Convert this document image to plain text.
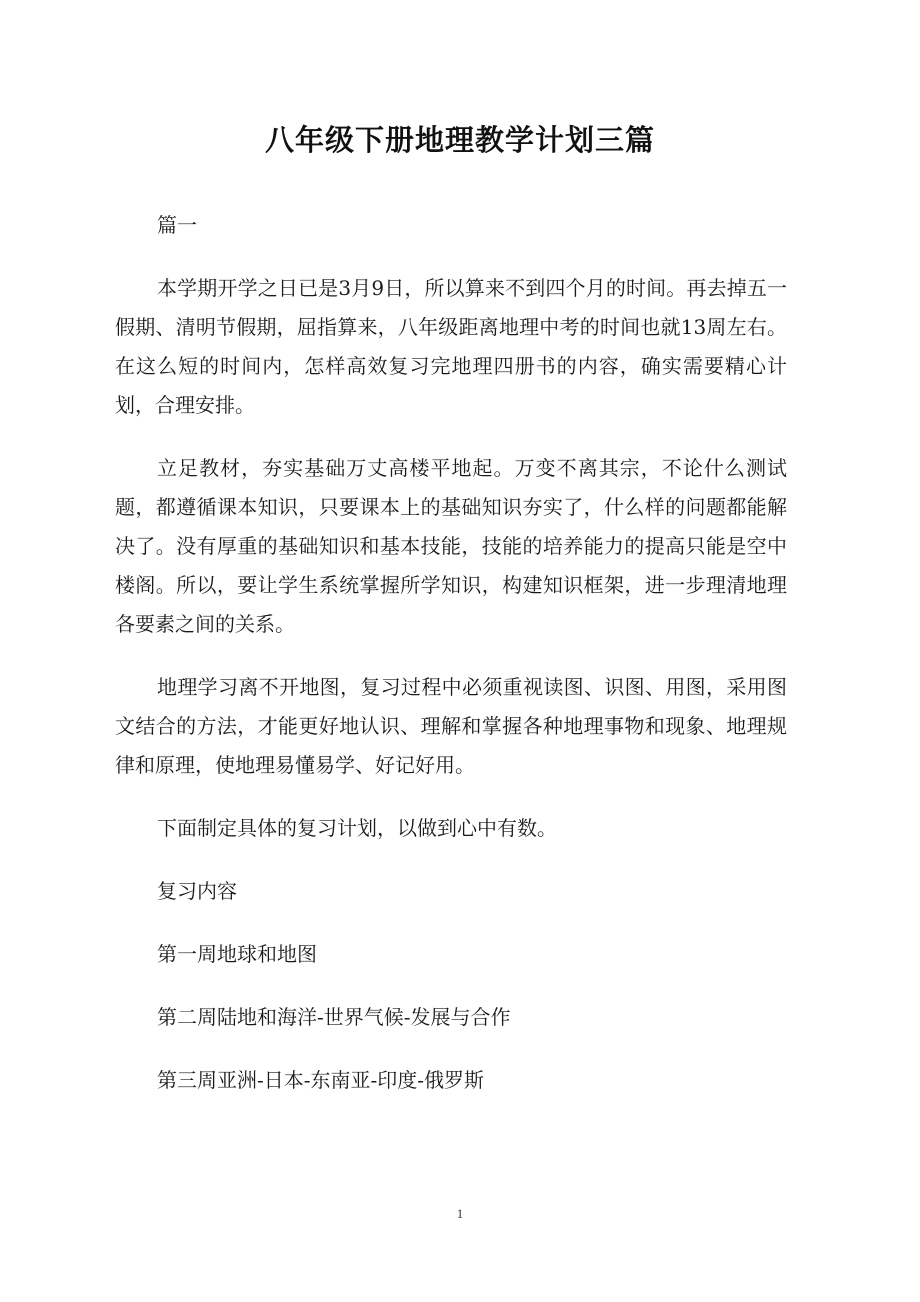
八年级下册地理教学计划三篇

篇一

本学期开学之日已是3月9日，所以算来不到四个月的时间。再去掉五一假期、清明节假期，屈指算来，八年级距离地理中考的时间也就13周左右。在这么短的时间内，怎样高效复习完地理四册书的内容，确实需要精心计划，合理安排。

立足教材，夯实基础万丈高楼平地起。万变不离其宗，不论什么测试题，都遵循课本知识，只要课本上的基础知识夯实了，什么样的问题都能解决了。没有厚重的基础知识和基本技能，技能的培养能力的提高只能是空中楼阁。所以，要让学生系统掌握所学知识，构建知识框架，进一步理清地理各要素之间的关系。

地理学习离不开地图，复习过程中必须重视读图、识图、用图，采用图文结合的方法，才能更好地认识、理解和掌握各种地理事物和现象、地理规律和原理，使地理易懂易学、好记好用。

下面制定具体的复习计划，以做到心中有数。

复习内容

第一周地球和地图

第二周陆地和海洋-世界气候-发展与合作

第三周亚洲-日本-东南亚-印度-俄罗斯

1
